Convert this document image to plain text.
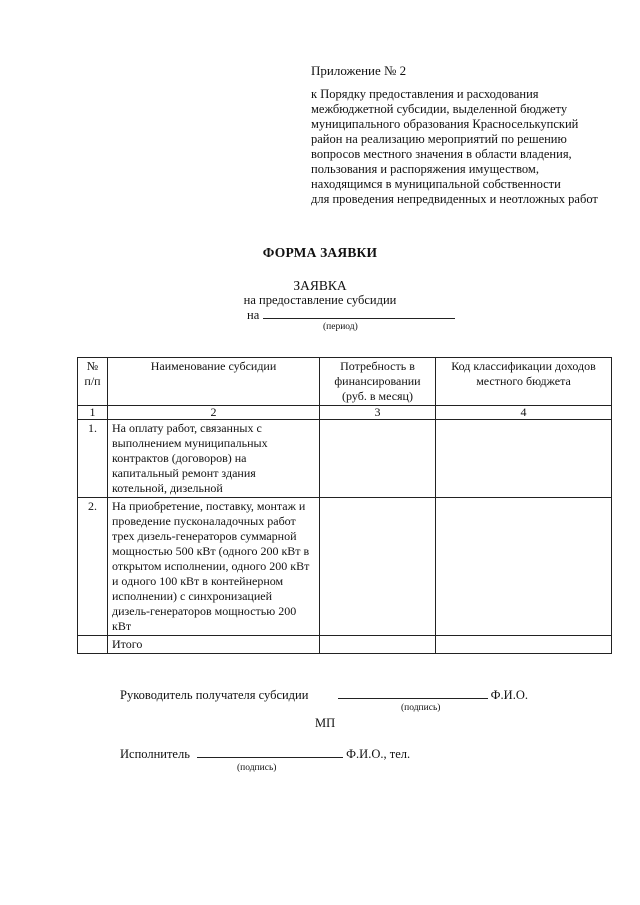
Приложение № 2
к Порядку предоставления и расходования
межбюджетной субсидии, выделенной бюджету
муниципального образования Красноселькупский
район на реализацию мероприятий по решению
вопросов местного значения в области владения,
пользования и распоряжения имуществом,
находящимся в муниципальной собственности
для проведения непредвиденных и неотложных работ
ФОРМА ЗАЯВКИ
ЗАЯВКА
на предоставление субсидии
на
(период)
№ п/п	Наименование субсидии	Потребность в финансировании (руб. в месяц)	Код классификации доходов местного бюджета
1	2	3	4
1.	На оплату работ, связанных с выполнением муниципальных контрактов (договоров) на капитальный ремонт здания котельной, дизельной		
2.	На приобретение, поставку, монтаж и проведение пусконаладочных работ трех дизель-генераторов суммарной мощностью 500 кВт (одного 200 кВт в открытом исполнении, одного 200 кВт и одного 100 кВт в контейнерном исполнении) с синхронизацией дизель-генераторов мощностью 200 кВт		
	Итого		
Руководитель получателя субсидии	Ф.И.О.
(подпись)
МП
Исполнитель	Ф.И.О., тел.
(подпись)
